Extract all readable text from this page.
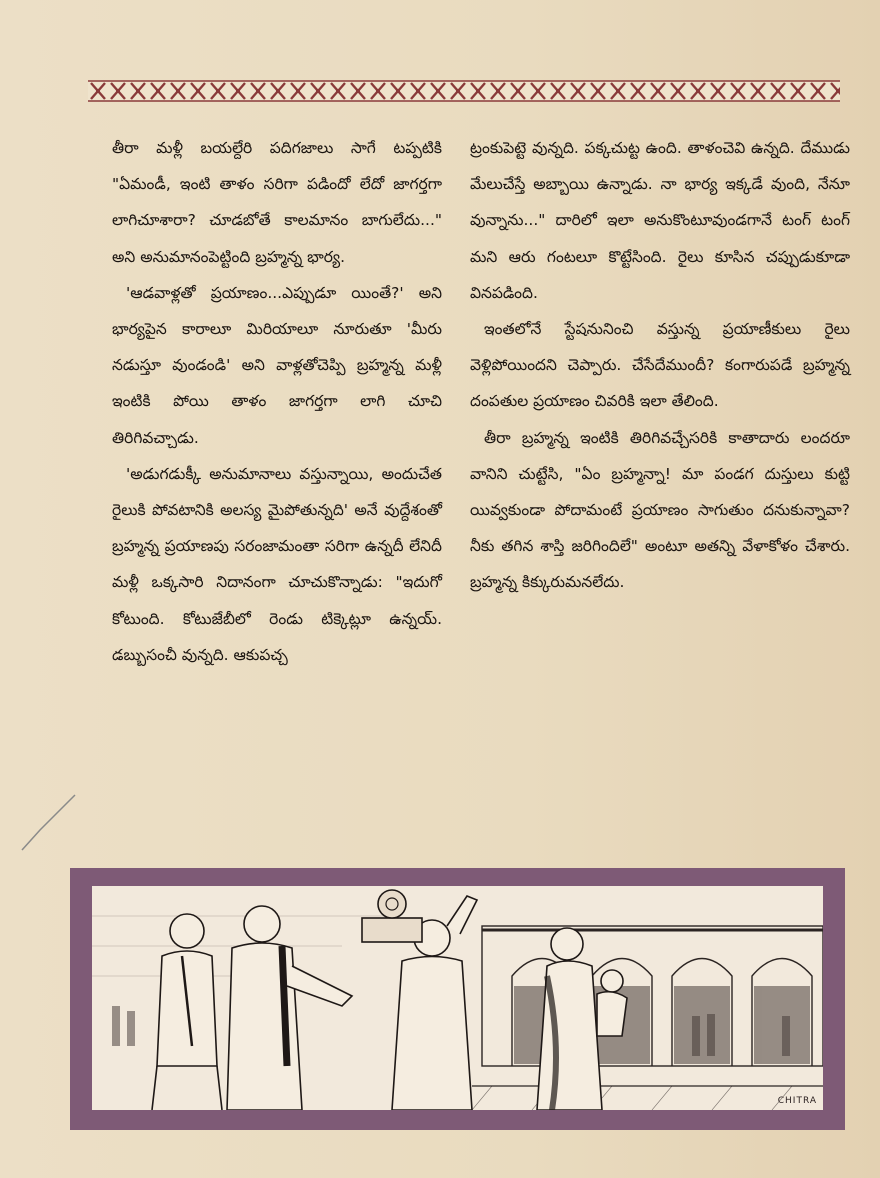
తీరా మళ్లీ బయల్దేరి పదిగజాలు సాగే టప్పటికి "ఏమండీ, ఇంటి తాళం సరిగా పడిందో లేదో జాగర్తగా లాగిచూశారా? చూడబోతే కాలమానం బాగులేదు..." అని అనుమానంపెట్టింది బ్రహ్మన్న భార్య.

'ఆడవాళ్లతో ప్రయాణం...ఎప్పుడూ యింతే?' అని భార్యపైన కారాలూ మిరియాలూ నూరుతూ 'మీరు నడుస్తూ వుండండి' అని వాళ్లతోచెప్పి బ్రహ్మన్న మళ్లీ ఇంటికి పోయి తాళం జాగర్తగా లాగి చూచి తిరిగివచ్చాడు.

'అడుగడుక్కీ అనుమానాలు వస్తున్నాయి, అందుచేత రైలుకి పోవటానికి అలస్య మైపోతున్నది' అనే వుద్దేశంతో బ్రహ్మన్న ప్రయాణపు సరంజామంతా సరిగా ఉన్నదీ లేనిదీ మళ్లీ ఒక్కసారి నిదానంగా చూచుకొన్నాడు: "ఇదుగో కోటుంది. కోటుజేబీలో రెండు టిక్కెట్లూ ఉన్నయ్. డబ్బుసంచీ వున్నది. ఆకుపచ్చ

ట్రంకుపెట్టె వున్నది. పక్కచుట్ట ఉంది. తాళంచెవి ఉన్నది. దేముడు మేలుచేస్తే అబ్బాయి ఉన్నాడు. నా భార్య ఇక్కడే వుంది, నేనూ వున్నాను..." దారిలో ఇలా అనుకొంటూవుండగానే టంగ్ టంగ్ మని ఆరు గంటలూ కొట్టేసింది. రైలు కూసిన చప్పుడుకూడా వినపడింది.

ఇంతలోనే స్టేషనునించి వస్తున్న ప్రయాణీకులు రైలు వెళ్లిపోయిందని చెప్పారు. చేసేదేముందీ? కంగారుపడే బ్రహ్మన్న దంపతుల ప్రయాణం చివరికి ఇలా తేలింది.

తీరా బ్రహ్మన్న ఇంటికి తిరిగివచ్చేసరికి కాతాదారు లందరూ వానిని చుట్టేసి, "ఏం బ్రహ్మన్నా! మా పండగ దుస్తులు కుట్టి యివ్వకుండా పోదామంటే ప్రయాణం సాగుతుం దనుకున్నావా? నీకు తగిన శాస్తి జరిగిందిలే" అంటూ అతన్ని వేళాకోళం చేశారు. బ్రహ్మన్న కిక్కురుమనలేదు.

CHITRA
